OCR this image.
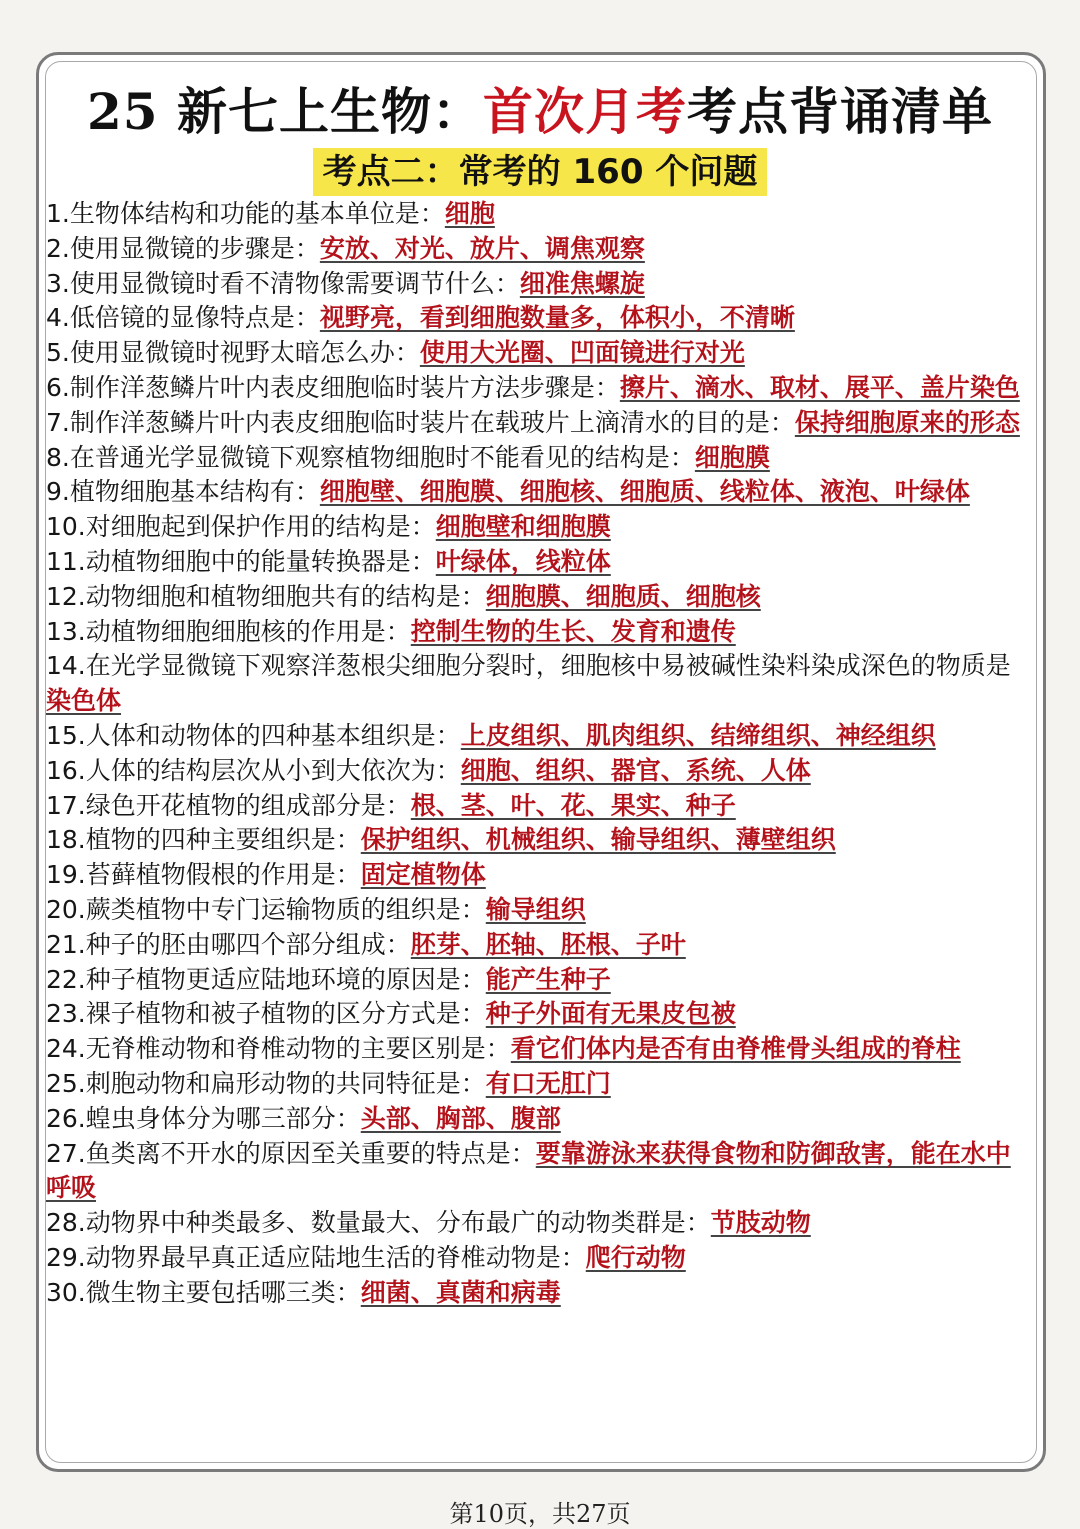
25 新七上生物：首次月考考点背诵清单
考点二：常考的 160 个问题

1.生物体结构和功能的基本单位是：细胞

2.使用显微镜的步骤是：安放、对光、放片、调焦观察

3.使用显微镜时看不清物像需要调节什么：细准焦螺旋

4.低倍镜的显像特点是：视野亮，看到细胞数量多，体积小，不清晰

5.使用显微镜时视野太暗怎么办：使用大光圈、凹面镜进行对光

6.制作洋葱鳞片叶内表皮细胞临时装片方法步骤是：擦片、滴水、取材、展平、盖片染色

7.制作洋葱鳞片叶内表皮细胞临时装片在载玻片上滴清水的目的是：保持细胞原来的形态

8.在普通光学显微镜下观察植物细胞时不能看见的结构是：细胞膜

9.植物细胞基本结构有：细胞壁、细胞膜、细胞核、细胞质、线粒体、液泡、叶绿体

10.对细胞起到保护作用的结构是：细胞壁和细胞膜

11.动植物细胞中的能量转换器是：叶绿体，线粒体

12.动物细胞和植物细胞共有的结构是：细胞膜、细胞质、细胞核

13.动植物细胞细胞核的作用是：控制生物的生长、发育和遗传

14.在光学显微镜下观察洋葱根尖细胞分裂时，细胞核中易被碱性染料染成深色的物质是染色体

15.人体和动物体的四种基本组织是：上皮组织、肌肉组织、结缔组织、神经组织

16.人体的结构层次从小到大依次为：细胞、组织、器官、系统、人体

17.绿色开花植物的组成部分是：根、茎、叶、花、果实、种子

18.植物的四种主要组织是：保护组织、机械组织、输导组织、薄壁组织

19.苔藓植物假根的作用是：固定植物体

20.蕨类植物中专门运输物质的组织是：输导组织

21.种子的胚由哪四个部分组成：胚芽、胚轴、胚根、子叶

22.种子植物更适应陆地环境的原因是：能产生种子

23.裸子植物和被子植物的区分方式是：种子外面有无果皮包被

24.无脊椎动物和脊椎动物的主要区别是：看它们体内是否有由脊椎骨头组成的脊柱

25.刺胞动物和扁形动物的共同特征是：有口无肛门

26.蝗虫身体分为哪三部分：头部、胸部、腹部

27.鱼类离不开水的原因至关重要的特点是：要靠游泳来获得食物和防御敌害，能在水中呼吸

28.动物界中种类最多、数量最大、分布最广的动物类群是：节肢动物

29.动物界最早真正适应陆地生活的脊椎动物是：爬行动物

30.微生物主要包括哪三类：细菌、真菌和病毒

第10页，共27页
